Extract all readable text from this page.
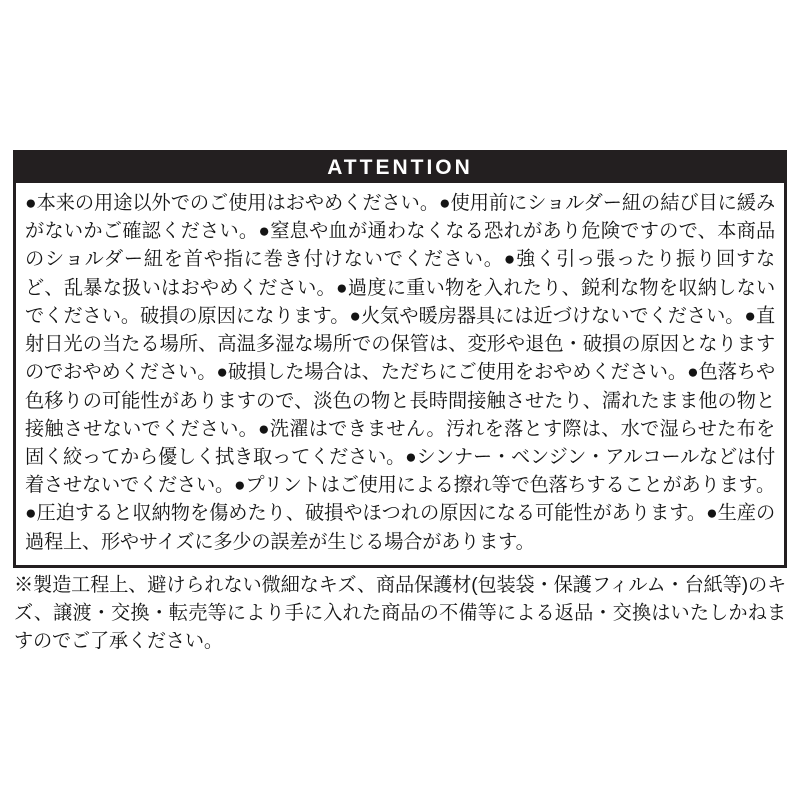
ATTENTION
●本来の用途以外でのご使用はおやめください。●使用前にショルダー紐の結び目に緩みがないかご確認ください。●窒息や血が通わなくなる恐れがあり危険ですので、本商品のショルダー紐を首や指に巻き付けないでください。●強く引っ張ったり振り回すなど、乱暴な扱いはおやめください。●過度に重い物を入れたり、鋭利な物を収納しないでください。破損の原因になります。●火気や暖房器具には近づけないでください。●直射日光の当たる場所、高温多湿な場所での保管は、変形や退色・破損の原因となりますのでおやめください。●破損した場合は、ただちにご使用をおやめください。●色落ちや色移りの可能性がありますので、淡色の物と長時間接触させたり、濡れたまま他の物と接触させないでください。●洗濯はできません。汚れを落とす際は、水で湿らせた布を固く絞ってから優しく拭き取ってください。●シンナー・ベンジン・アルコールなどは付着させないでください。●プリントはご使用による擦れ等で色落ちすることがあります。●圧迫すると収納物を傷めたり、破損やほつれの原因になる可能性があります。●生産の過程上、形やサイズに多少の誤差が生じる場合があります。
※製造工程上、避けられない微細なキズ、商品保護材(包装袋・保護フィルム・台紙等)のキズ、譲渡・交換・転売等により手に入れた商品の不備等による返品・交換はいたしかねますのでご了承ください。
